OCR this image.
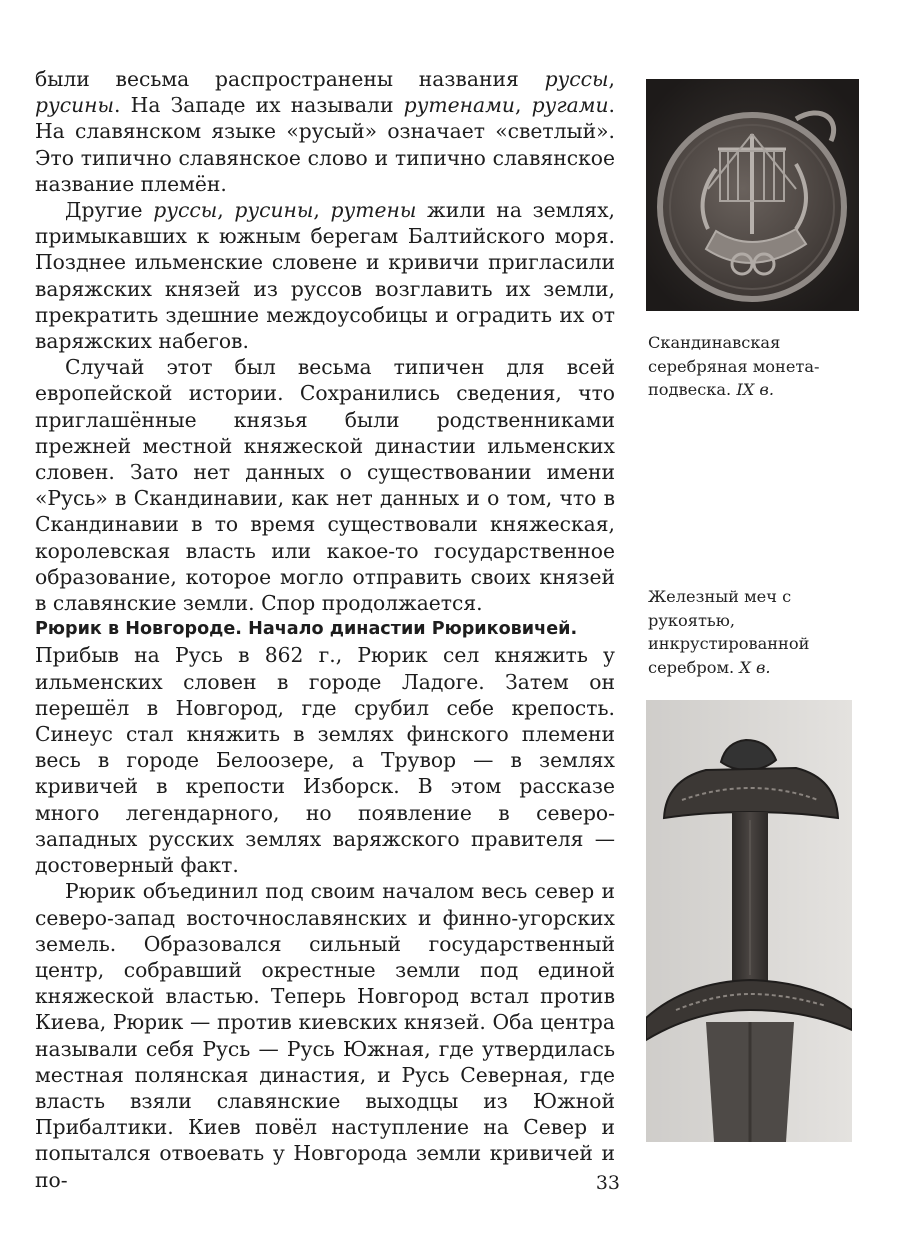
были весьма распространены названия руссы, русины. На Западе их называли рутенами, ругами. На славянском языке «русый» означает «светлый». Это типично славянское слово и типично славянское название племён.

Другие руссы, русины, рутены жили на землях, примыкавших к южным берегам Балтийского моря. Позднее ильменские словене и кривичи пригласили варяжских князей из руссов возглавить их земли, прекратить здешние междоусобицы и оградить их от варяжских набегов.

Случай этот был весьма типичен для всей европейской истории. Сохранились сведения, что приглашённые князья были родственниками прежней местной княжеской династии ильменских словен. Зато нет данных о существовании имени «Русь» в Скандинавии, как нет данных и о том, что в Скандинавии в то время существовали княжеская, королевская власть или какое-то государственное образование, которое могло отправить своих князей в славянские земли. Спор продолжается.

Рюрик в Новгороде. Начало династии Рюриковичей.

Прибыв на Русь в 862 г., Рюрик сел княжить у ильменских словен в городе Ладоге. Затем он перешёл в Новгород, где срубил себе крепость. Синеус стал княжить в землях финского племени весь в городе Белоозере, а Трувор — в землях кривичей в крепости Изборск. В этом рассказе много легендарного, но появление в северо-западных русских землях варяжского правителя — достоверный факт.

Рюрик объединил под своим началом весь север и северо-запад восточнославянских и финно-угорских земель. Образовался сильный государственный центр, собравший окрестные земли под единой княжеской властью. Теперь Новгород встал против Киева, Рюрик — против киевских князей. Оба центра называли себя Русь — Русь Южная, где утвердилась местная полянская династия, и Русь Северная, где власть взяли славянские выходцы из Южной Прибалтики. Киев повёл наступление на Север и попытался отвоевать у Новгорода земли кривичей и по-

Скандинавская серебряная монета-подвеска. IX в.
Железный меч с рукоятью, инкрустированной серебром. X в.
33
